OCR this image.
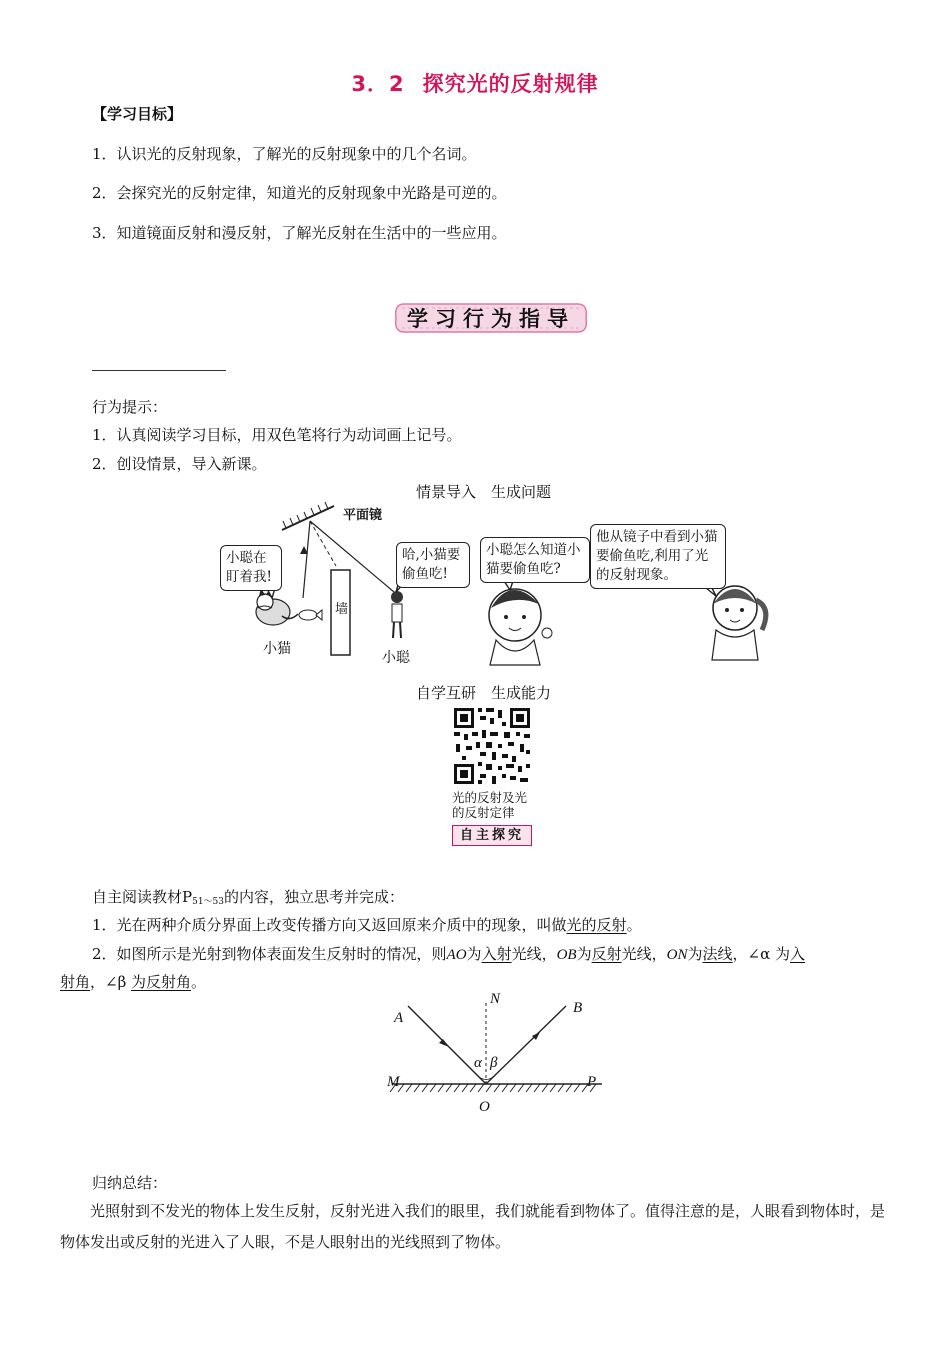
3．2 探究光的反射规律
【学习目标】
1．认识光的反射现象，了解光的反射现象中的几个名词。
2．会探究光的反射定律，知道光的反射现象中光路是可逆的。
3．知道镜面反射和漫反射，了解光反射在生活中的一些应用。
学习行为指导
行为提示：
1．认真阅读学习目标，用双色笔将行为动词画上记号。
2．创设情景，导入新课。
情景导入　生成问题
平面镜
小聪在盯着我!
小猫
墙
哈,小猫要偷鱼吃!
小聪
小聪怎么知道小猫要偷鱼吃?
他从镜子中看到小猫要偷鱼吃,利用了光的反射现象。
自学互研　生成能力
光的反射及光
的反射定律
自主探究
自主阅读教材$P_{51\sim 53}$的内容，独立思考并完成：
1．光在两种介质分界面上改变传播方向又返回原来介质中的现象，叫做光的反射。
2．如图所示是光射到物体表面发生反射时的情况，则AO为入射光线，OB为反射光线，ON为法线，∠α 为入
射角，∠β 为反射角。
A
B
N
M	P
O
α β
归纳总结：
光照射到不发光的物体上发生反射，反射光进入我们的眼里，我们就能看到物体了。值得注意的是，人眼看到物体时，是物体发出或反射的光进入了人眼，不是人眼射出的光线照到了物体。
